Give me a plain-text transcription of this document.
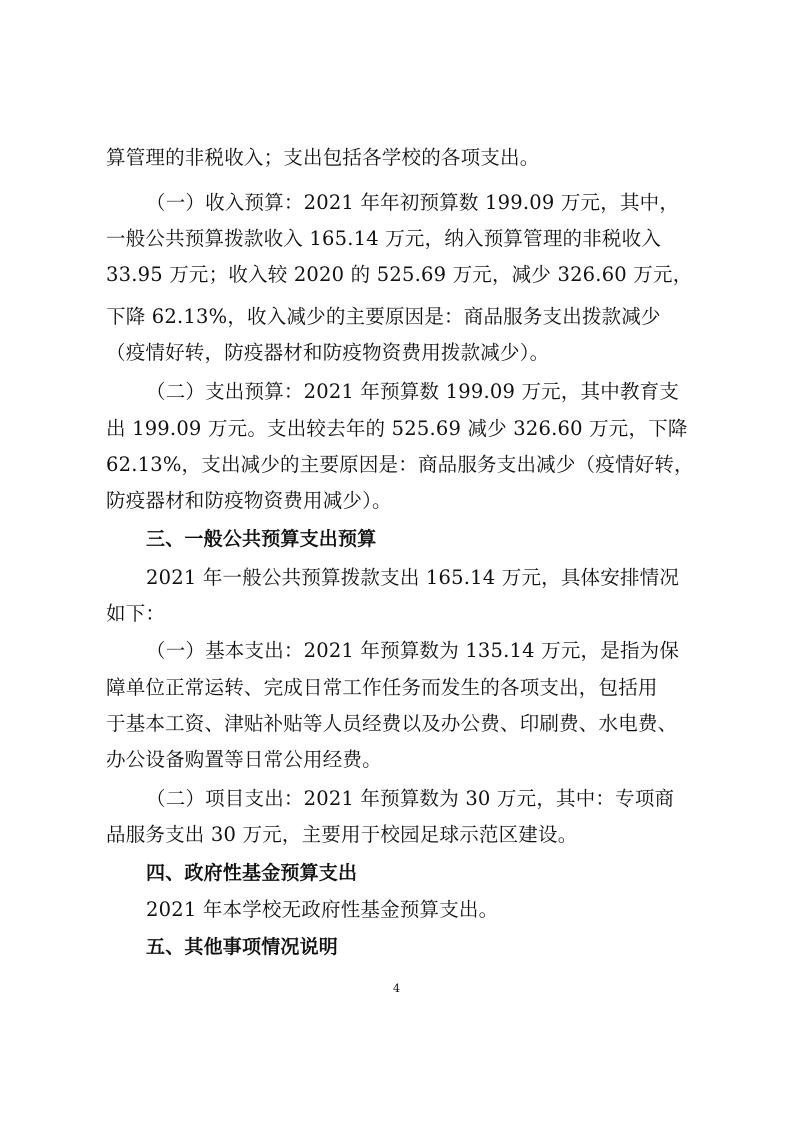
算管理的非税收入；支出包括各学校的各项支出。
（一）收入预算：2021 年年初预算数 199.09 万元，其中，
一般公共预算拨款收入 165.14 万元，纳入预算管理的非税收入
33.95 万元；收入较 2020 的 525.69 万元，减少 326.60 万元，
下降 62.13%，收入减少的主要原因是：商品服务支出拨款减少
（疫情好转，防疫器材和防疫物资费用拨款减少）。
（二）支出预算：2021 年预算数 199.09 万元，其中教育支
出 199.09 万元。支出较去年的 525.69 减少 326.60 万元，下降
62.13%，支出减少的主要原因是：商品服务支出减少（疫情好转，
防疫器材和防疫物资费用减少）。
三、一般公共预算支出预算
2021 年一般公共预算拨款支出 165.14 万元，具体安排情况
如下：
（一）基本支出：2021 年预算数为 135.14 万元，是指为保
障单位正常运转、完成日常工作任务而发生的各项支出，包括用
于基本工资、津贴补贴等人员经费以及办公费、印刷费、水电费、
办公设备购置等日常公用经费。
（二）项目支出：2021 年预算数为 30 万元，其中：专项商
品服务支出 30 万元，主要用于校园足球示范区建设。
四、政府性基金预算支出
2021 年本学校无政府性基金预算支出。
五、其他事项情况说明
4
